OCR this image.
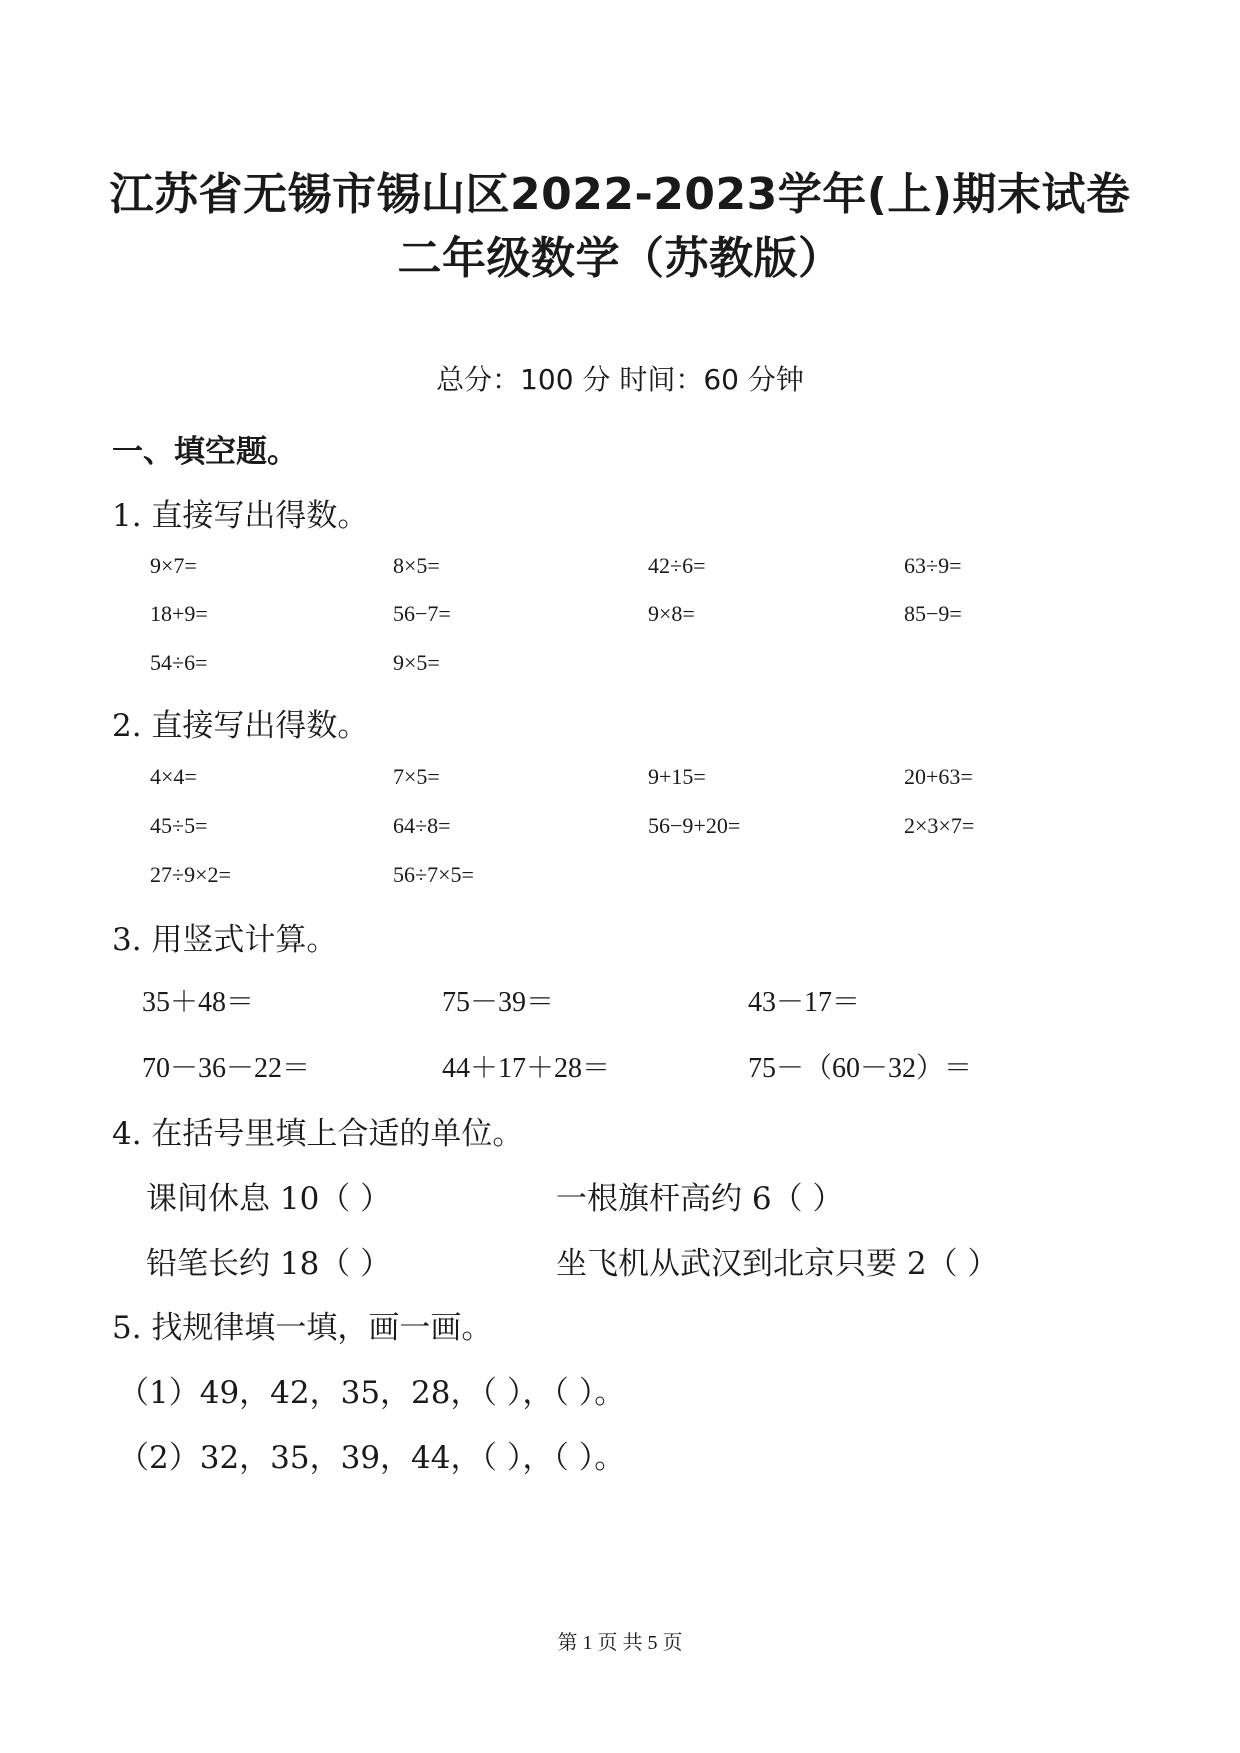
江苏省无锡市锡山区2022-2023学年(上)期末试卷
二年级数学（苏教版）
总分：100 分 时间：60 分钟
一、填空题。
1. 直接写出得数。
9×7=	8×5=	42÷6=	63÷9=
18+9=	56−7=	9×8=	85−9=
54÷6=	9×5=
2. 直接写出得数。
4×4=	7×5=	9+15=	20+63=
45÷5=	64÷8=	56−9+20=	2×3×7=
27÷9×2=	56÷7×5=
3. 用竖式计算。
35＋48＝	75－39＝	43－17＝
70－36－22＝	44＋17＋28＝	75－（60－32）＝
4. 在括号里填上合适的单位。
课间休息 10（ ）	一根旗杆高约 6（ ）
铅笔长约 18（ ）	坐飞机从武汉到北京只要 2（ ）
5. 找规律填一填，画一画。
（1）49，42，35，28，（ ），（ ）。
（2）32，35，39，44，（ ），（ ）。
第 1 页 共 5 页
